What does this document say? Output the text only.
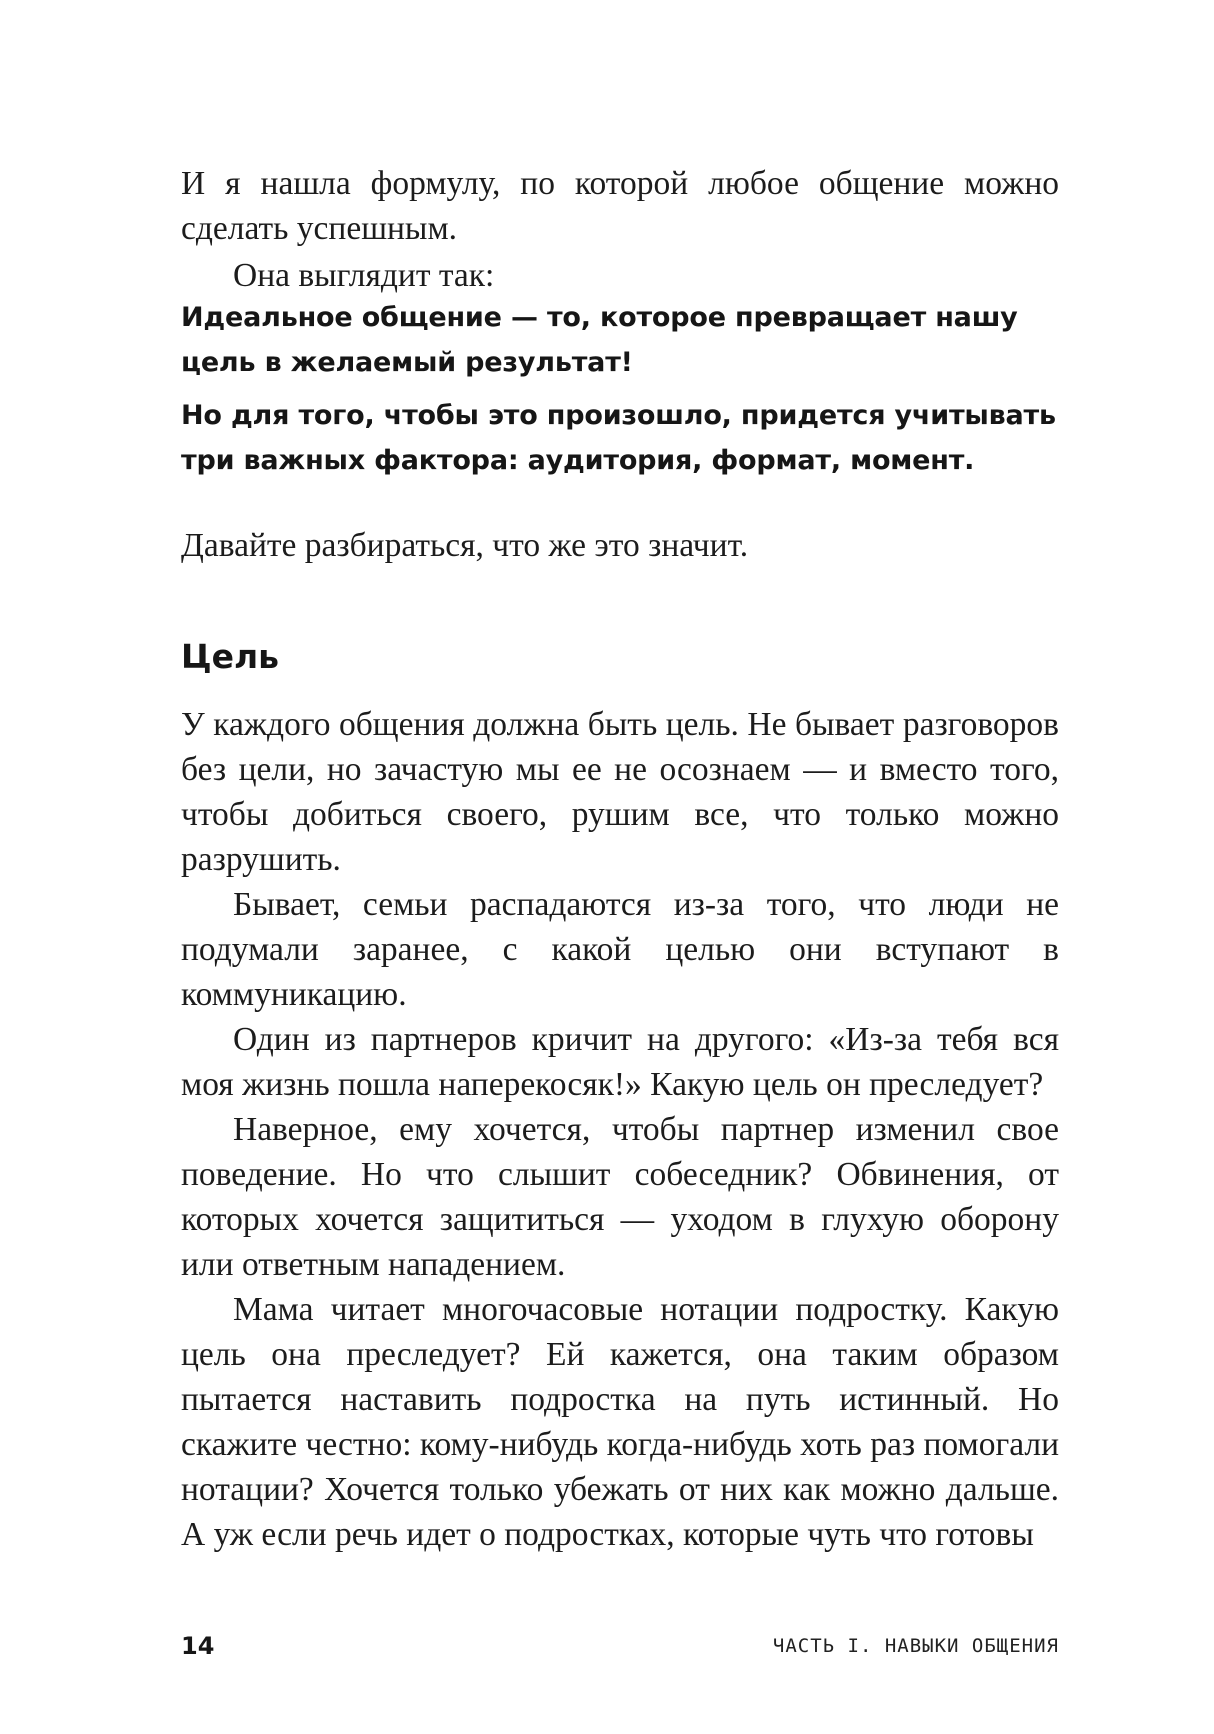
И я нашла формулу, по которой любое общение можно сделать успешным.

Она выглядит так:

Идеальное общение — то, которое превращает нашу цель в желаемый результат!

Но для того, чтобы это произошло, придется учитывать три важных фактора: аудитория, формат, момент.

Давайте разбираться, что же это значит.

Цель

У каждого общения должна быть цель. Не бывает разговоров без цели, но зачастую мы ее не осознаем — и вместо того, чтобы добиться своего, рушим все, что только можно разрушить.

Бывает, семьи распадаются из-за того, что люди не подумали заранее, с какой целью они вступают в коммуникацию.

Один из партнеров кричит на другого: «Из-за тебя вся моя жизнь пошла наперекосяк!» Какую цель он преследует?

Наверное, ему хочется, чтобы партнер изменил свое поведение. Но что слышит собеседник? Обвинения, от которых хочется защититься — уходом в глухую оборону или ответным нападением.

Мама читает многочасовые нотации подростку. Какую цель она преследует? Ей кажется, она таким образом пытается наставить подростка на путь истинный. Но скажите честно: кому-нибудь когда-нибудь хоть раз помогали нотации? Хочется только убежать от них как можно дальше. А уж если речь идет о подростках, которые чуть что готовы

14	ЧАСТЬ I. НАВЫКИ ОБЩЕНИЯ
